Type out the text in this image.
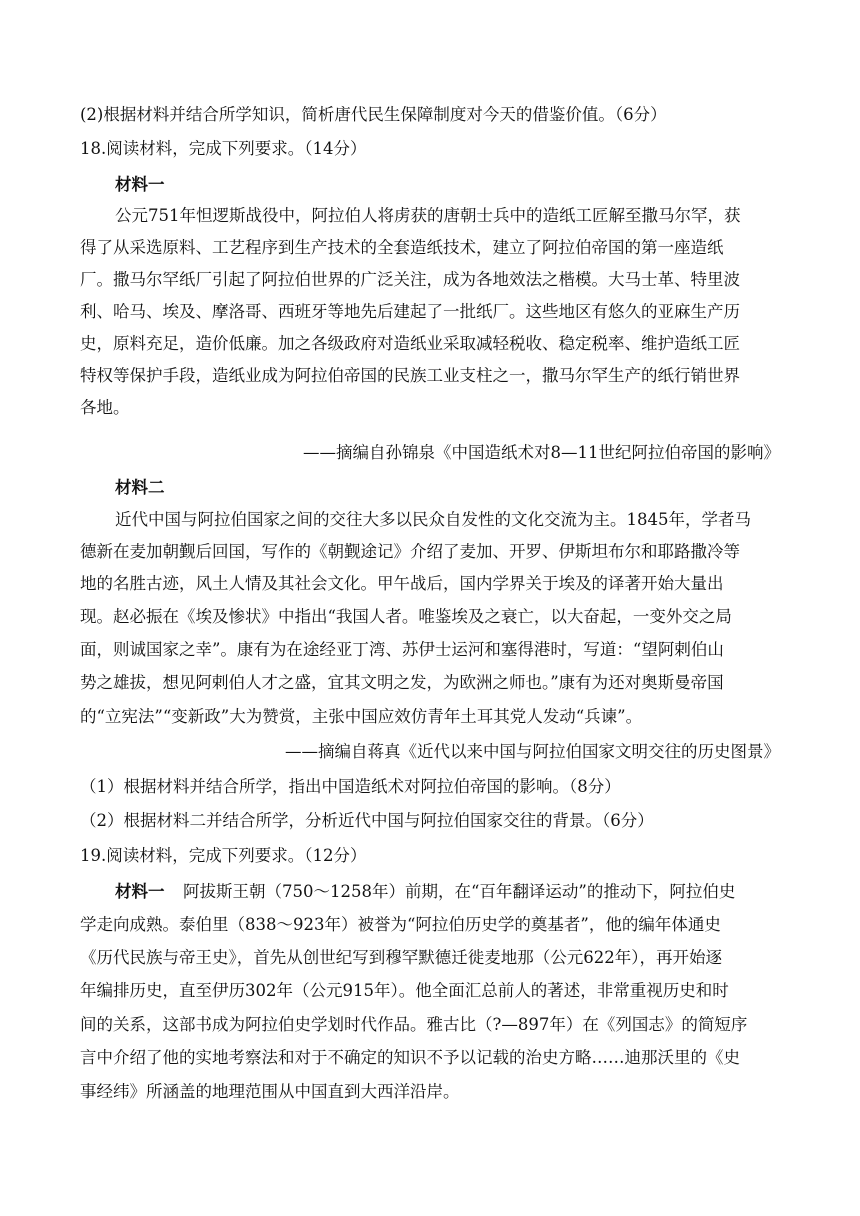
(2)根据材料并结合所学知识，简析唐代民生保障制度对今天的借鉴价值。（6分）
18.阅读材料，完成下列要求。（14分）
材料一
公元751年怛逻斯战役中，阿拉伯人将虏获的唐朝士兵中的造纸工匠解至撒马尔罕，获
得了从采选原料、工艺程序到生产技术的全套造纸技术，建立了阿拉伯帝国的第一座造纸
厂。撒马尔罕纸厂引起了阿拉伯世界的广泛关注，成为各地效法之楷模。大马士革、特里波
利、哈马、埃及、摩洛哥、西班牙等地先后建起了一批纸厂。这些地区有悠久的亚麻生产历
史，原料充足，造价低廉。加之各级政府对造纸业采取减轻税收、稳定税率、维护造纸工匠
特权等保护手段，造纸业成为阿拉伯帝国的民族工业支柱之一，撒马尔罕生产的纸行销世界
各地。
——摘编自孙锦泉《中国造纸术对8—11世纪阿拉伯帝国的影响》
材料二
近代中国与阿拉伯国家之间的交往大多以民众自发性的文化交流为主。1845年，学者马
德新在麦加朝觐后回国，写作的《朝觐途记》介绍了麦加、开罗、伊斯坦布尔和耶路撒冷等
地的名胜古迹，风土人情及其社会文化。甲午战后，国内学界关于埃及的译著开始大量出
现。赵必振在《埃及惨状》中指出“我国人者。唯鉴埃及之衰亡，以大奋起，一变外交之局
面，则诚国家之幸”。康有为在途经亚丁湾、苏伊士运河和塞得港时，写道：“望阿剌伯山
势之雄拔，想见阿剌伯人才之盛，宜其文明之发，为欧洲之师也。”康有为还对奥斯曼帝国
的“立宪法”“变新政”大为赞赏，主张中国应效仿青年土耳其党人发动“兵谏”。
——摘编自蒋真《近代以来中国与阿拉伯国家文明交往的历史图景》
（1）根据材料并结合所学，指出中国造纸术对阿拉伯帝国的影响。（8分）
（2）根据材料二并结合所学，分析近代中国与阿拉伯国家交往的背景。（6分）
19.阅读材料，完成下列要求。（12分）
材料一	阿拔斯王朝（750～1258年）前期，在“百年翻译运动”的推动下，阿拉伯史
学走向成熟。泰伯里（838～923年）被誉为“阿拉伯历史学的奠基者”，他的编年体通史
《历代民族与帝王史》，首先从创世纪写到穆罕默德迁徙麦地那（公元622年），再开始逐
年编排历史，直至伊历302年（公元915年）。他全面汇总前人的著述，非常重视历史和时
间的关系，这部书成为阿拉伯史学划时代作品。雅古比（?—897年）在《列国志》的简短序
言中介绍了他的实地考察法和对于不确定的知识不予以记载的治史方略……迪那沃里的《史
事经纬》所涵盖的地理范围从中国直到大西洋沿岸。
